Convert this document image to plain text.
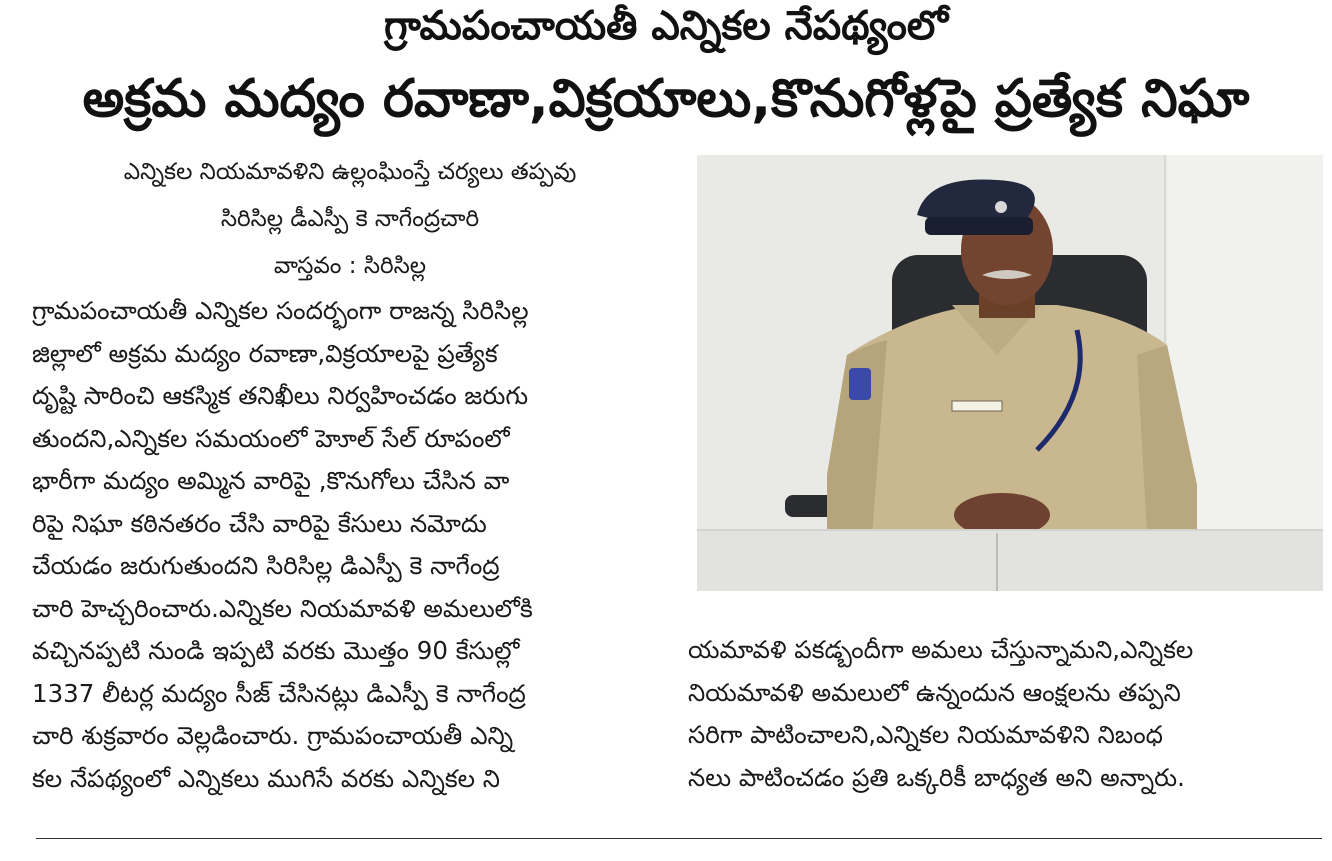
గ్రామపంచాయతీ ఎన్నికల నేపథ్యంలో
అక్రమ మద్యం రవాణా,విక్రయాలు,కొనుగోళ్లపై ప్రత్యేక నిఘా
ఎన్నికల నియమావళిని ఉల్లంఘింస్తే చర్యలు తప్పవు
సిరిసిల్ల డీఎస్పీ కె నాగేంద్రచారి
వాస్తవం : సిరిసిల్ల
గ్రామపంచాయతీ ఎన్నికల సందర్భంగా రాజన్న సిరిసిల్ల
జిల్లాలో అక్రమ మద్యం రవాణా,విక్రయాలపై ప్రత్యేక
దృష్టి సారించి ఆకస్మిక తనిఖీలు నిర్వహించడం జరుగు
తుందని,ఎన్నికల సమయంలో హెూల్ సేల్ రూపంలో
భారీగా మద్యం అమ్మిన వారిపై ,కొనుగోలు చేసిన వా
రిపై నిఘా కఠినతరం చేసి వారిపై కేసులు నమోదు
చేయడం జరుగుతుందని సిరిసిల్ల డిఎస్పీ కె నాగేంద్ర
చారి హెచ్చరించారు.ఎన్నికల నియమావళి అమలులోకి
వచ్చినప్పటి నుండి ఇప్పటి వరకు మొత్తం 90 కేసుల్లో
1337 లీటర్ల మద్యం సీజ్ చేసినట్లు డిఎస్పీ కె నాగేంద్ర
చారి శుక్రవారం వెల్లడించారు. గ్రామపంచాయతీ ఎన్ని
కల నేపథ్యంలో ఎన్నికలు ముగిసే వరకు ఎన్నికల ని
యమావళి పకడ్బందీగా అమలు చేస్తున్నామని,ఎన్నికల
నియమావళి అమలులో ఉన్నందున ఆంక్షలను తప్పని
సరిగా పాటించాలని,ఎన్నికల నియమావళిని నిబంధ
నలు పాటించడం ప్రతి ఒక్కరికీ బాధ్యత అని అన్నారు.
